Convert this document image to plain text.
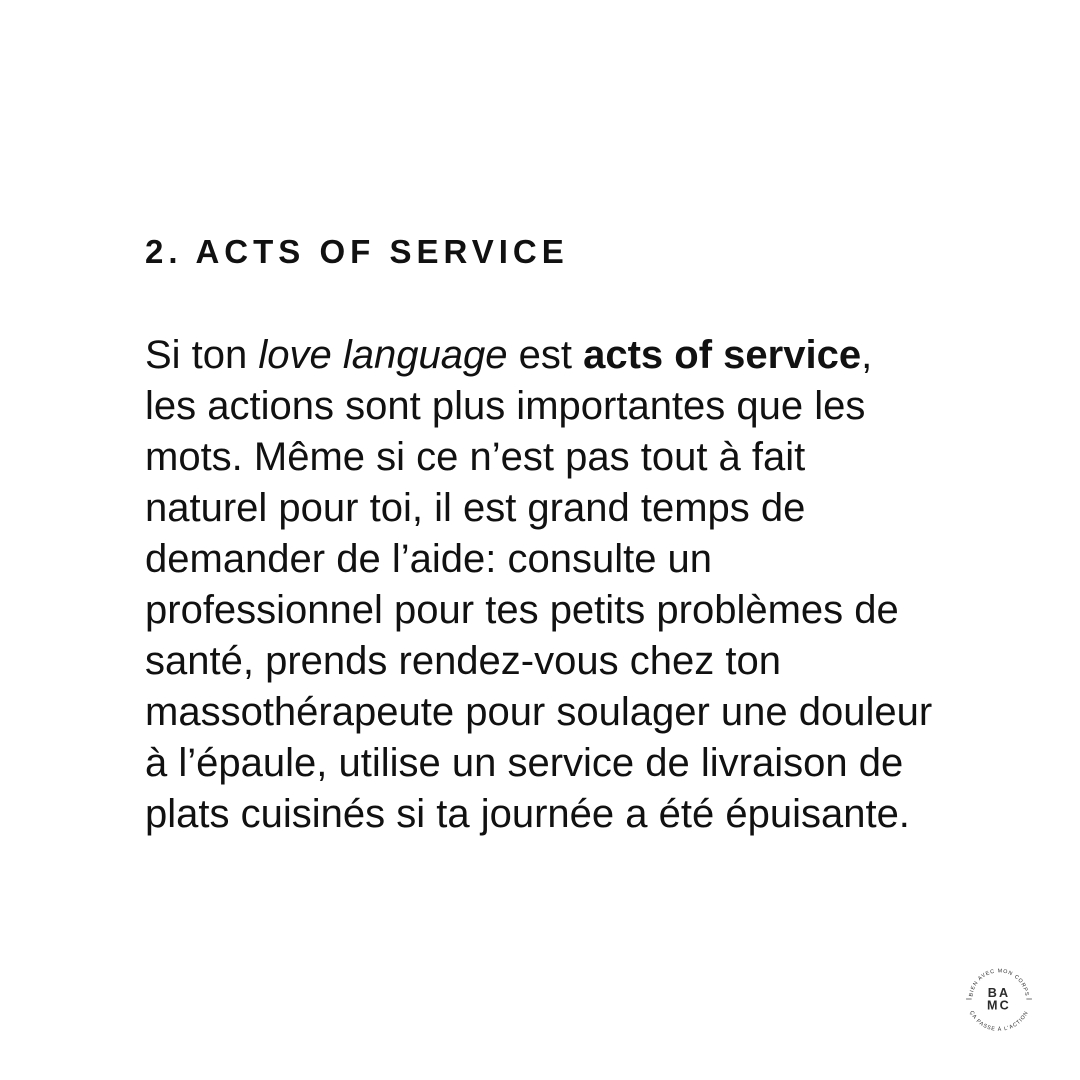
2. ACTS OF SERVICE
Si ton love language est acts of service,
les actions sont plus importantes que les
mots. Même si ce n’est pas tout à fait
naturel pour toi, il est grand temps de
demander de l’aide: consulte un
professionnel pour tes petits problèmes de
santé, prends rendez-vous chez ton
massothérapeute pour soulager une douleur
à l’épaule, utilise un service de livraison de
plats cuisinés si ta journée a été épuisante.
BIEN AVEC MON CORPS
ÇA PASSE À L’ACTION
BA
MC
